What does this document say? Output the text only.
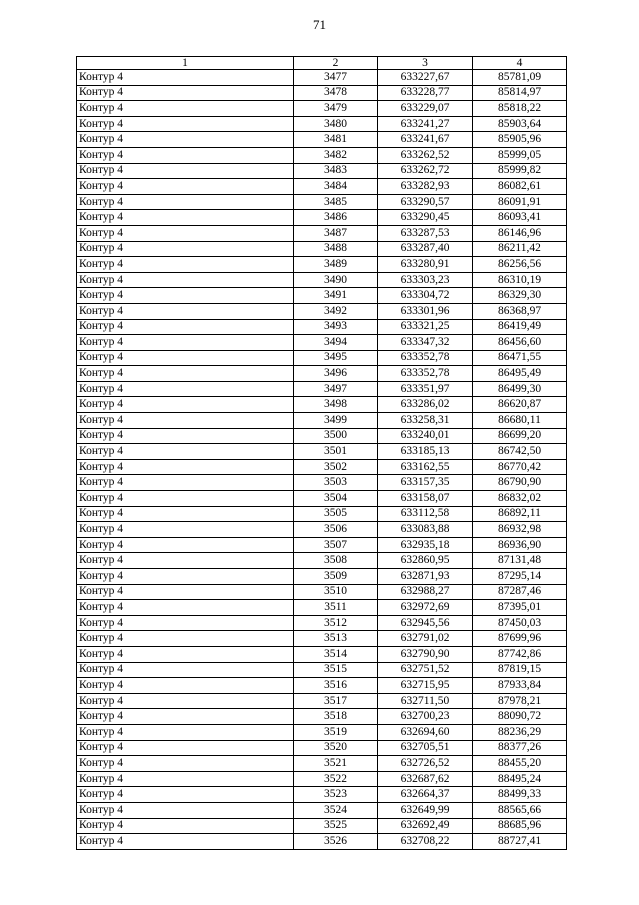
71
1	2	3	4
Контур 4	3477	633227,67	85781,09
Контур 4	3478	633228,77	85814,97
Контур 4	3479	633229,07	85818,22
Контур 4	3480	633241,27	85903,64
Контур 4	3481	633241,67	85905,96
Контур 4	3482	633262,52	85999,05
Контур 4	3483	633262,72	85999,82
Контур 4	3484	633282,93	86082,61
Контур 4	3485	633290,57	86091,91
Контур 4	3486	633290,45	86093,41
Контур 4	3487	633287,53	86146,96
Контур 4	3488	633287,40	86211,42
Контур 4	3489	633280,91	86256,56
Контур 4	3490	633303,23	86310,19
Контур 4	3491	633304,72	86329,30
Контур 4	3492	633301,96	86368,97
Контур 4	3493	633321,25	86419,49
Контур 4	3494	633347,32	86456,60
Контур 4	3495	633352,78	86471,55
Контур 4	3496	633352,78	86495,49
Контур 4	3497	633351,97	86499,30
Контур 4	3498	633286,02	86620,87
Контур 4	3499	633258,31	86680,11
Контур 4	3500	633240,01	86699,20
Контур 4	3501	633185,13	86742,50
Контур 4	3502	633162,55	86770,42
Контур 4	3503	633157,35	86790,90
Контур 4	3504	633158,07	86832,02
Контур 4	3505	633112,58	86892,11
Контур 4	3506	633083,88	86932,98
Контур 4	3507	632935,18	86936,90
Контур 4	3508	632860,95	87131,48
Контур 4	3509	632871,93	87295,14
Контур 4	3510	632988,27	87287,46
Контур 4	3511	632972,69	87395,01
Контур 4	3512	632945,56	87450,03
Контур 4	3513	632791,02	87699,96
Контур 4	3514	632790,90	87742,86
Контур 4	3515	632751,52	87819,15
Контур 4	3516	632715,95	87933,84
Контур 4	3517	632711,50	87978,21
Контур 4	3518	632700,23	88090,72
Контур 4	3519	632694,60	88236,29
Контур 4	3520	632705,51	88377,26
Контур 4	3521	632726,52	88455,20
Контур 4	3522	632687,62	88495,24
Контур 4	3523	632664,37	88499,33
Контур 4	3524	632649,99	88565,66
Контур 4	3525	632692,49	88685,96
Контур 4	3526	632708,22	88727,41
